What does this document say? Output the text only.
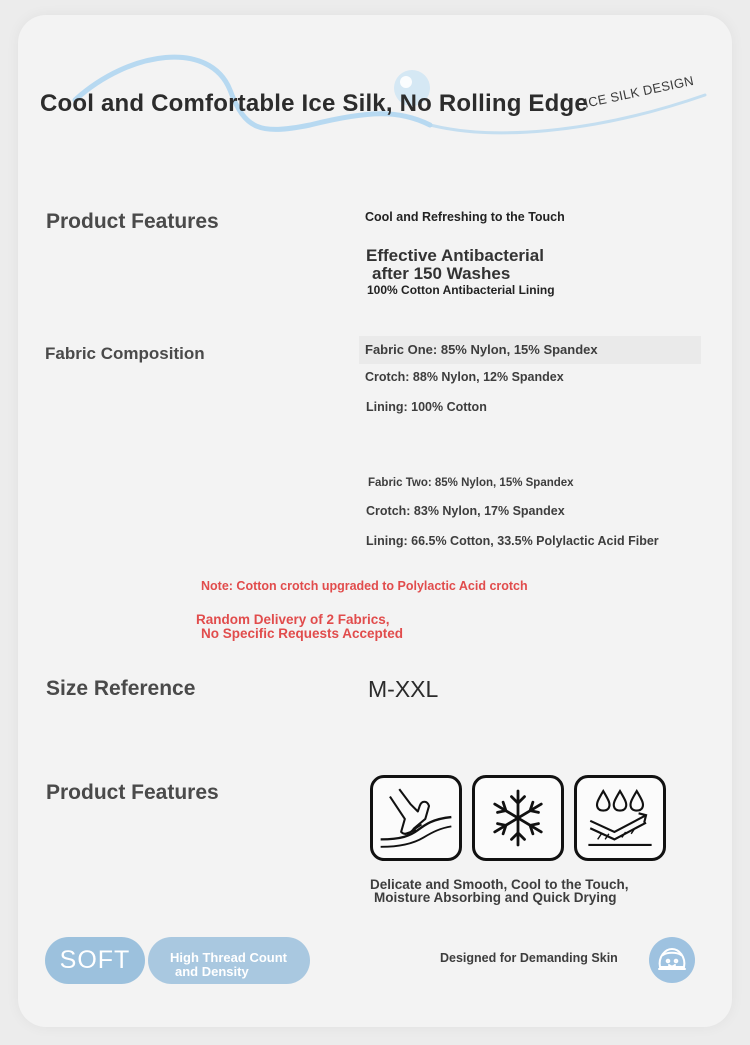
Cool and Comfortable Ice Silk, No Rolling Edge
ICE SILK DESIGN
Product Features	Cool and Refreshing to the Touch
Effective Antibacterial
after 150 Washes
100% Cotton Antibacterial Lining
Fabric Composition	Fabric One: 85% Nylon, 15% Spandex
Crotch: 88% Nylon, 12% Spandex
Lining: 100% Cotton
Fabric Two: 85% Nylon, 15% Spandex
Crotch: 83% Nylon, 17% Spandex
Lining: 66.5% Cotton, 33.5% Polylactic Acid Fiber
Note: Cotton crotch upgraded to Polylactic Acid crotch
Random Delivery of 2 Fabrics,
No Specific Requests Accepted
Size Reference	M-XXL
Product Features
Delicate and Smooth, Cool to the Touch,
Moisture Absorbing and Quick Drying
SOFT	High Thread Count
and Density
Designed for Demanding Skin
